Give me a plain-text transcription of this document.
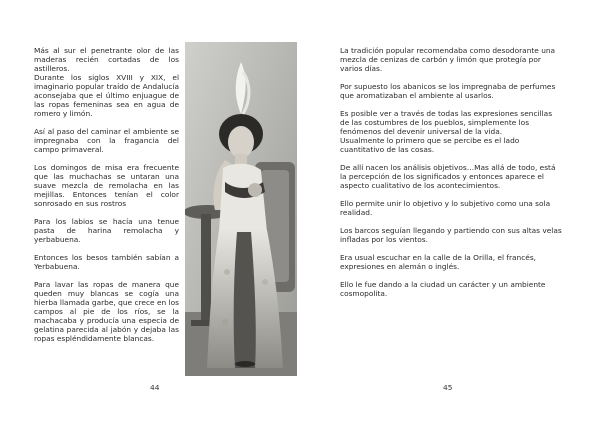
Más al sur el penetrante olor de las maderas recién cortadas de los astilleros.
Durante los siglos XVIII y XIX, el imaginario popular traído de Andalucía aconsejaba que el último enjuague de las ropas femeninas sea en agua de romero y limón.

Así al paso del caminar el ambiente se impregnaba con la fragancia del campo primaveral.

Los domingos de misa era frecuente que las muchachas se untaran una suave mezcla de remolacha en las mejillas. Entonces tenían el color sonrosado en sus rostros

Para los labios se hacía una tenue pasta de harina remolacha y yerbabuena.

Entonces los besos también sabían a Yerbabuena.

Para lavar las ropas de manera que queden muy blancas se cogía una hierba llamada garbe, que crece en los campos al pie de los ríos, se la machacaba y producía una especia de gelatina parecida al jabón y dejaba las ropas espléndidamente blancas.

44

La tradición popular recomendaba como desodorante una mezcla de cenizas de carbón y limón que protegía por varios días.

Por supuesto los abanicos se los impregnaba de perfumes que aromatizaban el ambiente al usarlos.

Es posible ver a través de todas las expresiones sencillas de las costumbres de los pueblos, simplemente los fenómenos del devenir universal de la vida.
Usualmente lo primero que se percibe es el lado cuantitativo de las cosas.

De allí nacen los análisis objetivos…Mas allá de todo, está la percepción de los significados y entonces aparece el aspecto cualitativo de los acontecimientos.

Ello permite unir lo objetivo y lo subjetivo como una sola realidad.

Los barcos seguían llegando y partiendo con sus altas velas infladas por los vientos.

Era usual escuchar en la calle de la Orilla, el francés, expresiones en alemán o inglés.

Ello le fue dando a la ciudad un carácter y un ambiente cosmopolita.

45
